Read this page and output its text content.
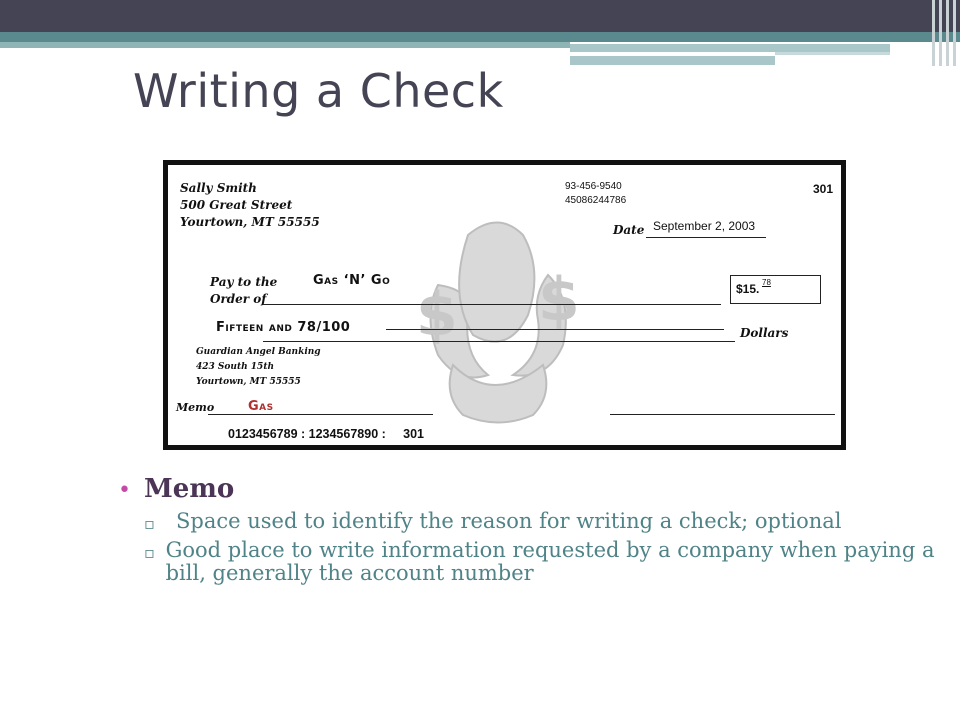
Writing a Check
$ $
Sally Smith
500 Great Street
Yourtown, MT 55555
93-456-9540
45086244786
301
Date September 2, 2003
Pay to the
Order of
Gas ‘N’ Go
$15. 78
Fifteen and 78/100	Dollars
Guardian Angel Banking
423 South 15th
Yourtown, MT 55555
Memo	Gas
0123456789 : 1234567890 :     301
• Memo
▫	Space used to identify the reason for writing a check; optional
▫ Good place to write information requested by a company when paying a bill, generally the account number
